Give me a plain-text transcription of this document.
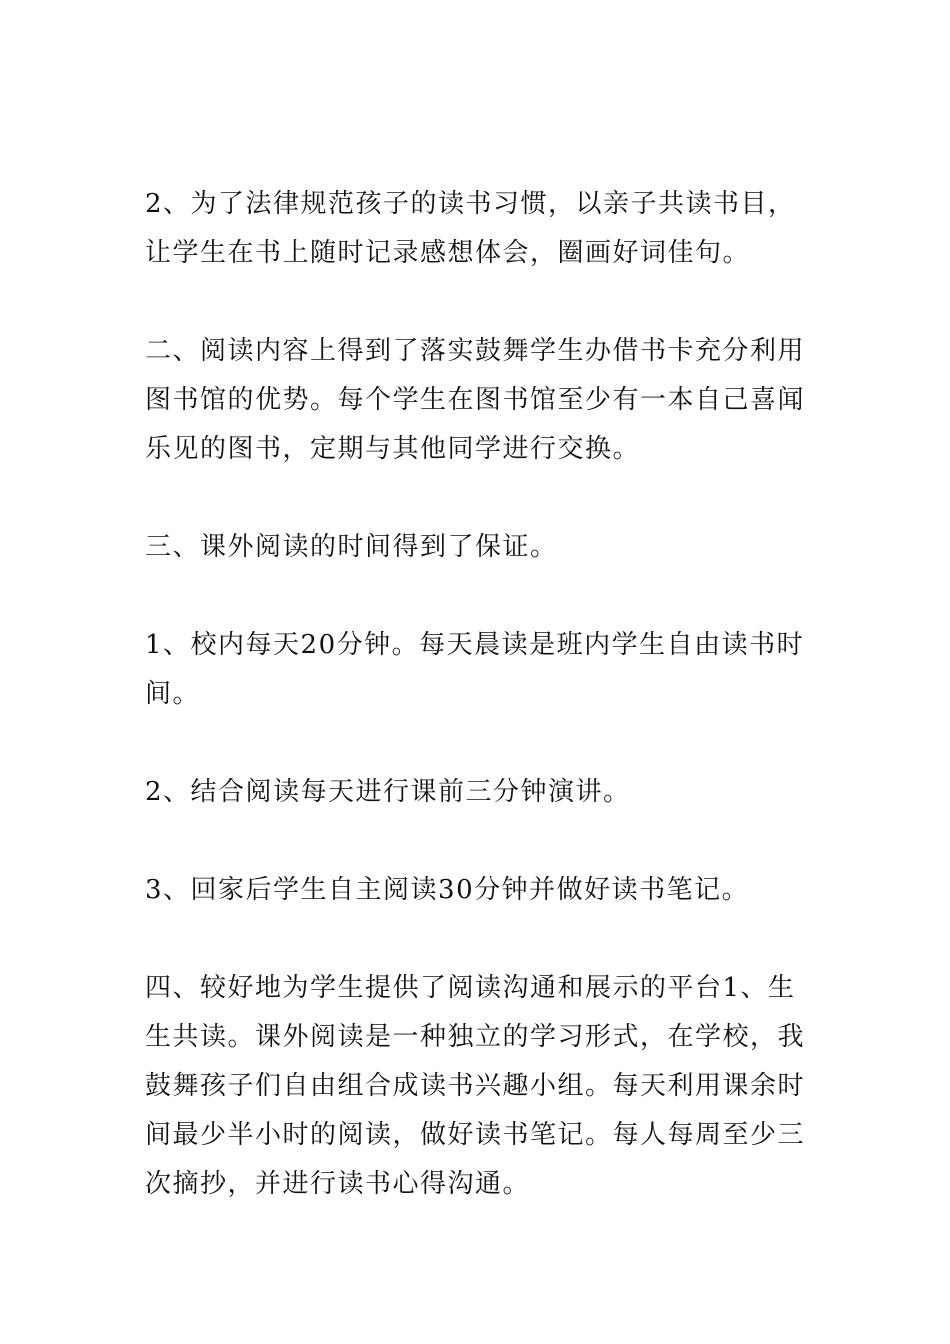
2、为了法律规范孩子的读书习惯，以亲子共读书目，让学生在书上随时记录感想体会，圈画好词佳句。

二、阅读内容上得到了落实鼓舞学生办借书卡充分利用图书馆的优势。每个学生在图书馆至少有一本自己喜闻乐见的图书，定期与其他同学进行交换。

三、课外阅读的时间得到了保证。

1、校内每天20分钟。每天晨读是班内学生自由读书时间。

2、结合阅读每天进行课前三分钟演讲。

3、回家后学生自主阅读30分钟并做好读书笔记。

四、较好地为学生提供了阅读沟通和展示的平台1、生生共读。课外阅读是一种独立的学习形式，在学校，我鼓舞孩子们自由组合成读书兴趣小组。每天利用课余时间最少半小时的阅读，做好读书笔记。每人每周至少三次摘抄，并进行读书心得沟通。
